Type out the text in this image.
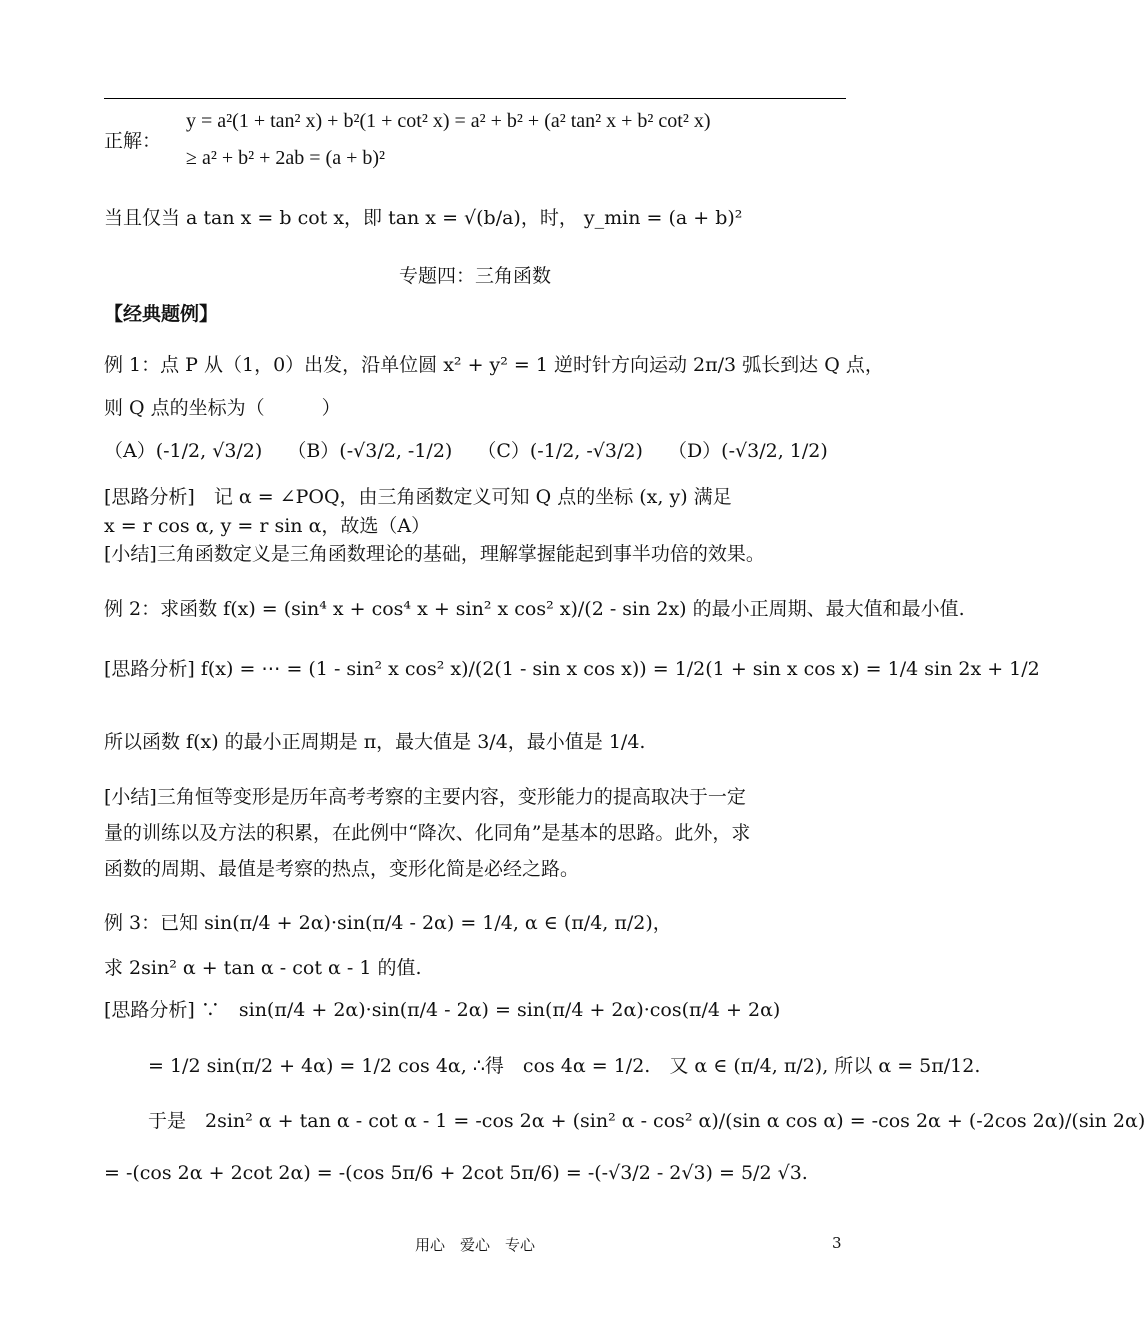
y = a²(1 + tan² x) + b²(1 + cot² x) = a² + b² + (a² tan² x + b² cot² x)
正解：
≥ a² + b² + 2ab = (a + b)²
当且仅当 a tan x = b cot x，即 tan x = √(b/a)，时， y_min = (a + b)²
专题四：三角函数
【经典题例】
例 1：点 P 从（1，0）出发，沿单位圆 x² + y² = 1 逆时针方向运动 2π/3 弧长到达 Q 点，
则 Q 点的坐标为（　　　）
（A）(-1/2, √3/2)　 （B）(-√3/2, -1/2)　 （C）(-1/2, -√3/2)　 （D）(-√3/2, 1/2)
[思路分析]　记 α = ∠POQ，由三角函数定义可知 Q 点的坐标 (x, y) 满足
x = r cos α, y = r sin α，故选（A）
[小结]三角函数定义是三角函数理论的基础，理解掌握能起到事半功倍的效果。
例 2：求函数 f(x) = (sin⁴ x + cos⁴ x + sin² x cos² x)/(2 - sin 2x) 的最小正周期、最大值和最小值.
[思路分析] f(x) = ⋯ = (1 - sin² x cos² x)/(2(1 - sin x cos x)) = 1/2(1 + sin x cos x) = 1/4 sin 2x + 1/2
所以函数 f(x) 的最小正周期是 π，最大值是 3/4，最小值是 1/4.
[小结]三角恒等变形是历年高考考察的主要内容，变形能力的提高取决于一定
量的训练以及方法的积累，在此例中“降次、化同角”是基本的思路。此外，求
函数的周期、最值是考察的热点，变形化简是必经之路。
例 3：已知 sin(π/4 + 2α)·sin(π/4 - 2α) = 1/4, α ∈ (π/4, π/2)，
求 2sin² α + tan α - cot α - 1 的值.
[思路分析] ∵　sin(π/4 + 2α)·sin(π/4 - 2α) = sin(π/4 + 2α)·cos(π/4 + 2α)
= 1/2 sin(π/2 + 4α) = 1/2 cos 4α, ∴得　cos 4α = 1/2.　又 α ∈ (π/4, π/2), 所以 α = 5π/12.
于是　2sin² α + tan α - cot α - 1 = -cos 2α + (sin² α - cos² α)/(sin α cos α) = -cos 2α + (-2cos 2α)/(sin 2α)
= -(cos 2α + 2cot 2α) = -(cos 5π/6 + 2cot 5π/6) = -(-√3/2 - 2√3) = 5/2 √3.
用心　爱心　专心	3
